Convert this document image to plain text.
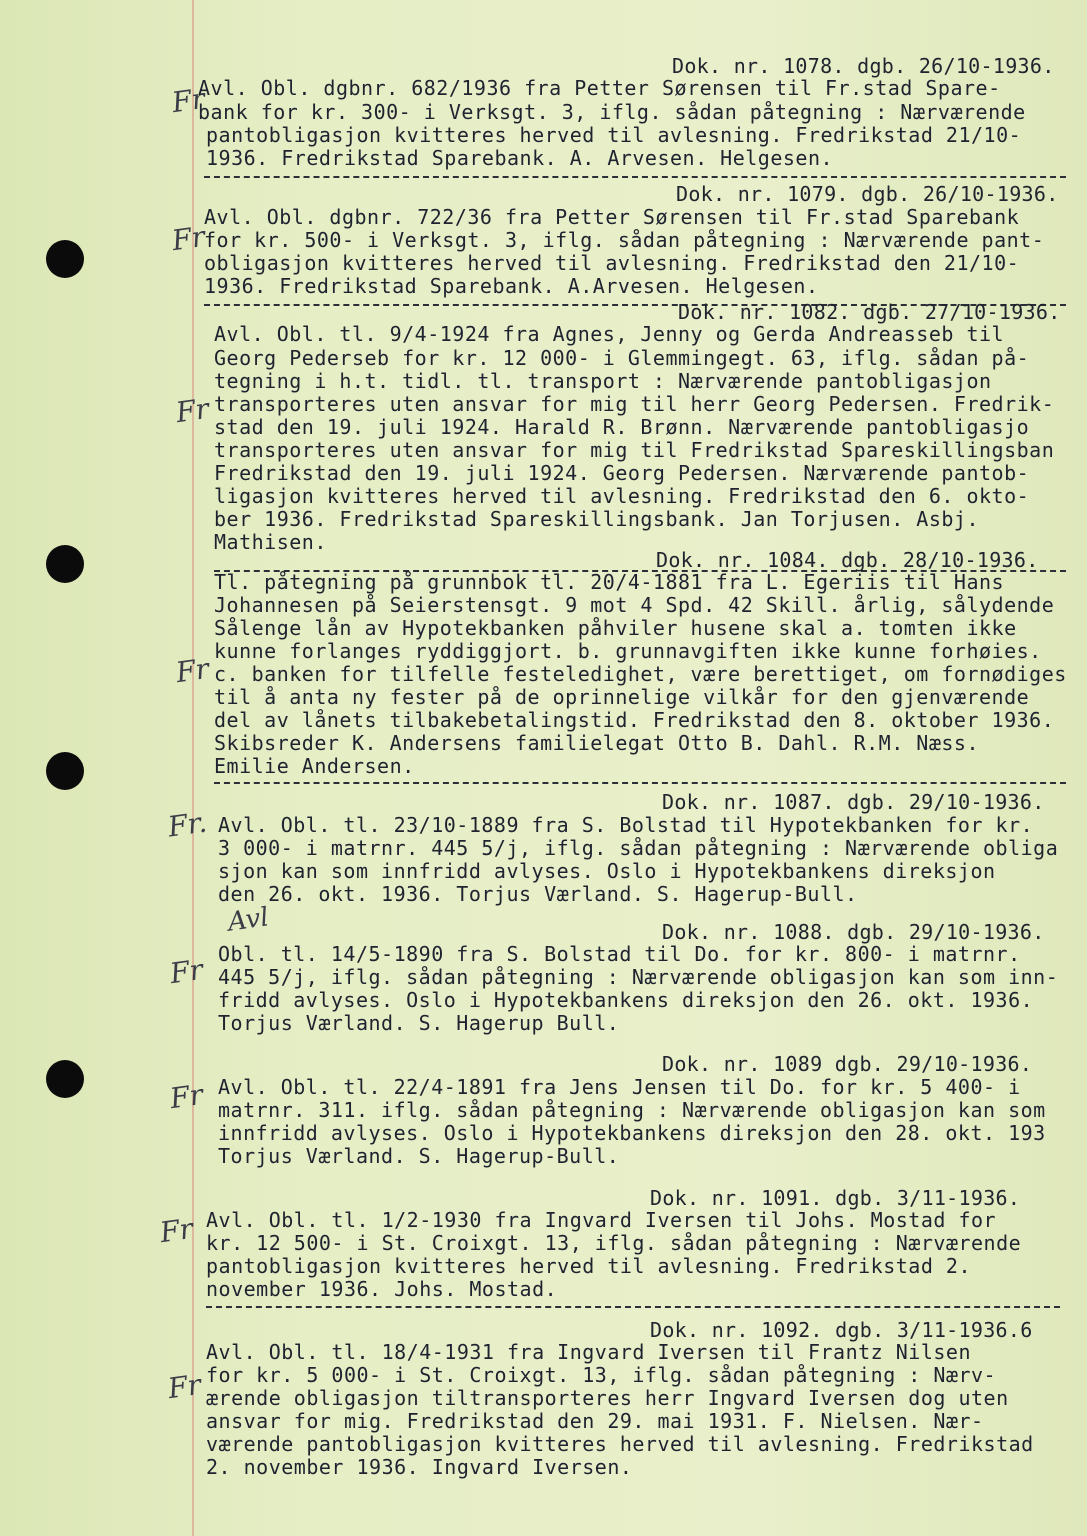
Dok. nr. 1078. dgb. 26/10-1936.
Fr
Avl. Obl. dgbnr. 682/1936 fra Petter Sørensen til Fr.stad Spare-
bank for kr. 300- i Verksgt. 3, iflg. sådan påtegning : Nærværende
pantobligasjon kvitteres herved til avlesning. Fredrikstad 21/10-
1936. Fredrikstad Sparebank. A. Arvesen. Helgesen.
Dok. nr. 1079. dgb. 26/10-1936.
Fr
Avl. Obl. dgbnr. 722/36 fra Petter Sørensen til Fr.stad Sparebank
for kr. 500- i Verksgt. 3, iflg. sådan påtegning : Nærværende pant-
obligasjon kvitteres herved til avlesning. Fredrikstad den 21/10-
1936. Fredrikstad Sparebank. A.Arvesen. Helgesen.
Dok. nr. 1082. dgb. 27/10-1936.
Fr
Avl. Obl. tl. 9/4-1924 fra Agnes, Jenny og Gerda Andreasseb til
Georg Pederseb for kr. 12 000- i Glemmingegt. 63, iflg. sådan på-
tegning i h.t. tidl. tl. transport : Nærværende pantobligasjon
transporteres uten ansvar for mig til herr Georg Pedersen. Fredrik-
stad den 19. juli 1924. Harald R. Brønn. Nærværende pantobligasjo
transporteres uten ansvar for mig til Fredrikstad Spareskillingsban
Fredrikstad den 19. juli 1924. Georg Pedersen. Nærværende pantob-
ligasjon kvitteres herved til avlesning. Fredrikstad den 6. okto-
ber 1936. Fredrikstad Spareskillingsbank. Jan Torjusen. Asbj.
Mathisen.
Dok. nr. 1084. dgb. 28/10-1936.
Fr
Tl. påtegning på grunnbok tl. 20/4-1881 fra L. Egeriis til Hans
Johannesen på Seierstensgt. 9 mot 4 Spd. 42 Skill. årlig, sålydende
Sålenge lån av Hypotekbanken påhviler husene skal a. tomten ikke
kunne forlanges ryddiggjort. b. grunnavgiften ikke kunne forhøies.
c. banken for tilfelle festeledighet, være berettiget, om fornødiges
til å anta ny fester på de oprinnelige vilkår for den gjenværende
del av lånets tilbakebetalingstid. Fredrikstad den 8. oktober 1936.
Skibsreder K. Andersens familielegat Otto B. Dahl. R.M. Næss.
Emilie Andersen.
Dok. nr. 1087. dgb. 29/10-1936.
Fr. Avl. Obl. tl. 23/10-1889 fra S. Bolstad til Hypotekbanken for kr.
3 000- i matrnr. 445 5/j, iflg. sådan påtegning : Nærværende obliga
sjon kan som innfridd avlyses. Oslo i Hypotekbankens direksjon
den 26. okt. 1936. Torjus Værland. S. Hagerup-Bull.
Dok. nr. 1088. dgb. 29/10-1936.
Avl
Fr Obl. tl. 14/5-1890 fra S. Bolstad til Do. for kr. 800- i matrnr.
445 5/j, iflg. sådan påtegning : Nærværende obligasjon kan som inn-
fridd avlyses. Oslo i Hypotekbankens direksjon den 26. okt. 1936.
Torjus Værland. S. Hagerup Bull.
Dok. nr. 1089 dgb. 29/10-1936.
Fr Avl. Obl. tl. 22/4-1891 fra Jens Jensen til Do. for kr. 5 400- i
matrnr. 311. iflg. sådan påtegning : Nærværende obligasjon kan som
innfridd avlyses. Oslo i Hypotekbankens direksjon den 28. okt. 193
Torjus Værland. S. Hagerup-Bull.
Dok. nr. 1091. dgb. 3/11-1936.
Fr Avl. Obl. tl. 1/2-1930 fra Ingvard Iversen til Johs. Mostad for
kr. 12 500- i St. Croixgt. 13, iflg. sådan påtegning : Nærværende
pantobligasjon kvitteres herved til avlesning. Fredrikstad 2.
november 1936. Johs. Mostad.
Dok. nr. 1092. dgb. 3/11-1936.6
Fr
Avl. Obl. tl. 18/4-1931 fra Ingvard Iversen til Frantz Nilsen
for kr. 5 000- i St. Croixgt. 13, iflg. sådan påtegning : Nærv-
ærende obligasjon tiltransporteres herr Ingvard Iversen dog uten
ansvar for mig. Fredrikstad den 29. mai 1931. F. Nielsen. Nær-
værende pantobligasjon kvitteres herved til avlesning. Fredrikstad
2. november 1936. Ingvard Iversen.
